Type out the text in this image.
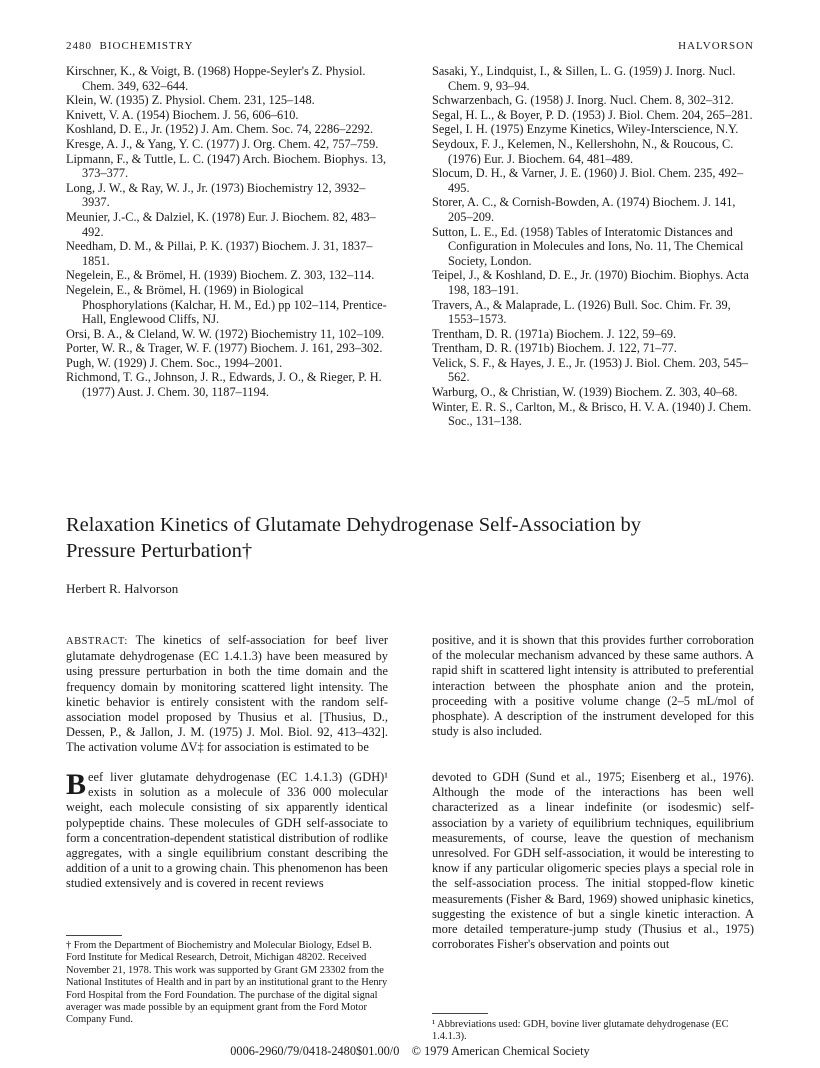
2480 BIOCHEMISTRY	HALVORSON

Kirschner, K., & Voigt, B. (1968) Hoppe-Seyler's Z. Physiol. Chem. 349, 632–644.

Klein, W. (1935) Z. Physiol. Chem. 231, 125–148.

Knivett, V. A. (1954) Biochem. J. 56, 606–610.

Koshland, D. E., Jr. (1952) J. Am. Chem. Soc. 74, 2286–2292.

Kresge, A. J., & Yang, Y. C. (1977) J. Org. Chem. 42, 757–759.

Lipmann, F., & Tuttle, L. C. (1947) Arch. Biochem. Biophys. 13, 373–377.

Long, J. W., & Ray, W. J., Jr. (1973) Biochemistry 12, 3932–3937.

Meunier, J.-C., & Dalziel, K. (1978) Eur. J. Biochem. 82, 483–492.

Needham, D. M., & Pillai, P. K. (1937) Biochem. J. 31, 1837–1851.

Negelein, E., & Brömel, H. (1939) Biochem. Z. 303, 132–114.

Negelein, E., & Brömel, H. (1969) in Biological Phosphorylations (Kalchar, H. M., Ed.) pp 102–114, Prentice-Hall, Englewood Cliffs, NJ.

Orsi, B. A., & Cleland, W. W. (1972) Biochemistry 11, 102–109.

Porter, W. R., & Trager, W. F. (1977) Biochem. J. 161, 293–302.

Pugh, W. (1929) J. Chem. Soc., 1994–2001.

Richmond, T. G., Johnson, J. R., Edwards, J. O., & Rieger, P. H. (1977) Aust. J. Chem. 30, 1187–1194.

Sasaki, Y., Lindquist, I., & Sillen, L. G. (1959) J. Inorg. Nucl. Chem. 9, 93–94.

Schwarzenbach, G. (1958) J. Inorg. Nucl. Chem. 8, 302–312.

Segal, H. L., & Boyer, P. D. (1953) J. Biol. Chem. 204, 265–281.

Segel, I. H. (1975) Enzyme Kinetics, Wiley-Interscience, N.Y.

Seydoux, F. J., Kelemen, N., Kellershohn, N., & Roucous, C. (1976) Eur. J. Biochem. 64, 481–489.

Slocum, D. H., & Varner, J. E. (1960) J. Biol. Chem. 235, 492–495.

Storer, A. C., & Cornish-Bowden, A. (1974) Biochem. J. 141, 205–209.

Sutton, L. E., Ed. (1958) Tables of Interatomic Distances and Configuration in Molecules and Ions, No. 11, The Chemical Society, London.

Teipel, J., & Koshland, D. E., Jr. (1970) Biochim. Biophys. Acta 198, 183–191.

Travers, A., & Malaprade, L. (1926) Bull. Soc. Chim. Fr. 39, 1553–1573.

Trentham, D. R. (1971a) Biochem. J. 122, 59–69.

Trentham, D. R. (1971b) Biochem. J. 122, 71–77.

Velick, S. F., & Hayes, J. E., Jr. (1953) J. Biol. Chem. 203, 545–562.

Warburg, O., & Christian, W. (1939) Biochem. Z. 303, 40–68.

Winter, E. R. S., Carlton, M., & Brisco, H. V. A. (1940) J. Chem. Soc., 131–138.

Relaxation Kinetics of Glutamate Dehydrogenase Self-Association by Pressure Perturbation†
Herbert R. Halvorson
ABSTRACT: The kinetics of self-association for beef liver glutamate dehydrogenase (EC 1.4.1.3) have been measured by using pressure perturbation in both the time domain and the frequency domain by monitoring scattered light intensity. The kinetic behavior is entirely consistent with the random self-association model proposed by Thusius et al. [Thusius, D., Dessen, P., & Jallon, J. M. (1975) J. Mol. Biol. 92, 413–432]. The activation volume ΔV‡ for association is estimated to be
positive, and it is shown that this provides further corroboration of the molecular mechanism advanced by these same authors. A rapid shift in scattered light intensity is attributed to preferential interaction between the phosphate anion and the protein, proceeding with a positive volume change (2–5 mL/mol of phosphate). A description of the instrument developed for this study is also included.
Beef liver glutamate dehydrogenase (EC 1.4.1.3) (GDH)¹ exists in solution as a molecule of 336 000 molecular weight, each molecule consisting of six apparently identical polypeptide chains. These molecules of GDH self-associate to form a concentration-dependent statistical distribution of rodlike aggregates, with a single equilibrium constant describing the addition of a unit to a growing chain. This phenomenon has been studied extensively and is covered in recent reviews
devoted to GDH (Sund et al., 1975; Eisenberg et al., 1976). Although the mode of the interactions has been well characterized as a linear indefinite (or isodesmic) self-association by a variety of equilibrium techniques, equilibrium measurements, of course, leave the question of mechanism unresolved. For GDH self-association, it would be interesting to know if any particular oligomeric species plays a special role in the self-association process. The initial stopped-flow kinetic measurements (Fisher & Bard, 1969) showed uniphasic kinetics, suggesting the existence of but a single kinetic interaction. A more detailed temperature-jump study (Thusius et al., 1975) corroborates Fisher's observation and points out
† From the Department of Biochemistry and Molecular Biology, Edsel B. Ford Institute for Medical Research, Detroit, Michigan 48202. Received November 21, 1978. This work was supported by Grant GM 23302 from the National Institutes of Health and in part by an institutional grant to the Henry Ford Hospital from the Ford Foundation. The purchase of the digital signal averager was made possible by an equipment grant from the Ford Motor Company Fund.	¹ Abbreviations used: GDH, bovine liver glutamate dehydrogenase (EC 1.4.1.3).
0006-2960/79/0418-2480$01.00/0 © 1979 American Chemical Society
